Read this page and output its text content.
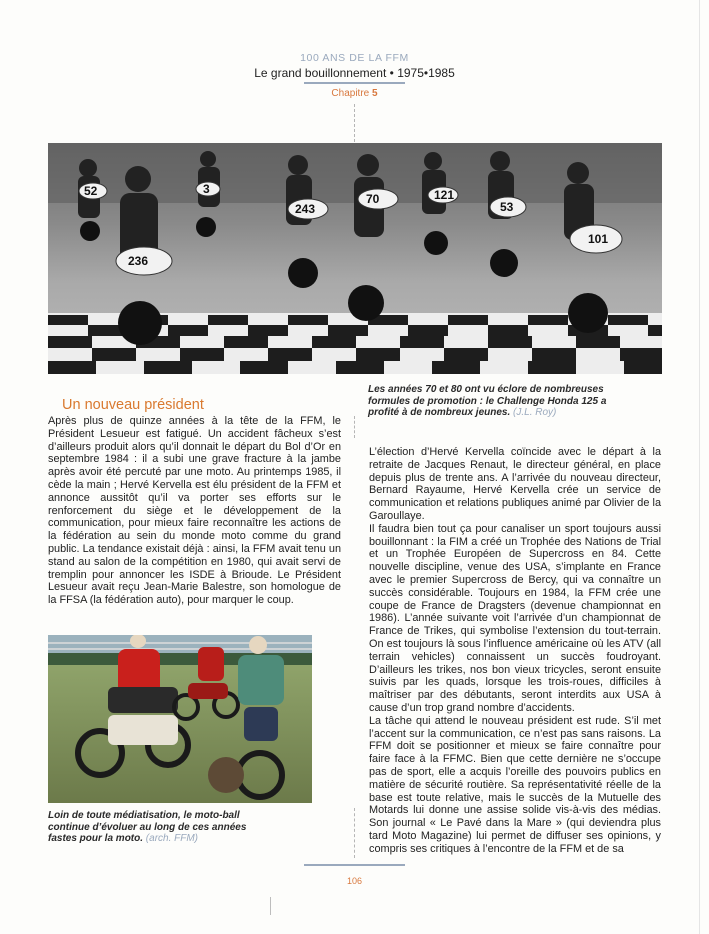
100 ANS DE LA FFM
Le grand bouillonnement • 1975•1985
Chapitre 5
236
243
70	121
53
101
52	3
Les années 70 et 80 ont vu éclore de nombreuses formules de promotion : le Challenge Honda 125 a profité à de nombreux jeunes. (J.L. Roy)
Un nouveau président

Après plus de quinze années à la tête de la FFM, le Président Lesueur est fatigué. Un accident fâcheux s’est d’ailleurs produit alors qu’il donnait le départ du Bol d’Or en septembre 1984 : il a subi une grave fracture à la jambe après avoir été percuté par une moto. Au printemps 1985, il cède la main ; Hervé Kervella est élu président de la FFM et annonce aussitôt qu’il va porter ses efforts sur le renforcement du siège et le développement de la communication, pour mieux faire reconnaître les actions de la fédération au sein du monde moto comme du grand public. La tendance existait déjà : ainsi, la FFM avait tenu un stand au salon de la compétition en 1980, qui avait servi de tremplin pour annoncer les ISDE à Brioude. Le Président Lesueur avait reçu Jean-Marie Balestre, son homologue de la FFSA (la fédération auto), pour marquer le coup.

Loin de toute médiatisation, le moto-ball continue d’évoluer au long de ces années fastes pour la moto. (arch. FFM)

L’élection d’Hervé Kervella coïncide avec le départ à la retraite de Jacques Renaut, le directeur général, en place depuis plus de trente ans. A l’arrivée du nouveau directeur, Bernard Rayaume, Hervé Kervella crée un service de communication et relations publiques animé par Olivier de la Garoullaye.

Il faudra bien tout ça pour canaliser un sport toujours aussi bouillonnant : la FIM a créé un Trophée des Nations de Trial et un Trophée Européen de Supercross en 84. Cette nouvelle discipline, venue des USA, s’implante en France avec le premier Supercross de Bercy, qui va connaître un succès considérable. Toujours en 1984, la FFM crée une coupe de France de Dragsters (devenue championnat en 1986). L’année suivante voit l’arrivée d’un championnat de France de Trikes, qui symbolise l’extension du tout-terrain. On est toujours là sous l’influence américaine où les ATV (all terrain vehicles) connaissent un succès foudroyant. D’ailleurs les trikes, nos bon vieux tricycles, seront ensuite suivis par les quads, lorsque les trois-roues, difficiles à maîtriser par des débutants, seront interdits aux USA à cause d’un trop grand nombre d’accidents.

La tâche qui attend le nouveau président est rude. S’il met l’accent sur la communication, ce n’est pas sans raisons. La FFM doit se positionner et mieux se faire connaître pour faire face à la FFMC. Bien que cette dernière ne s’occupe pas de sport, elle a acquis l’oreille des pouvoirs publics en matière de sécurité routière. Sa représentativité réelle de la base est toute relative, mais le succès de la Mutuelle des Motards lui donne une assise solide vis-à-vis des médias. Son journal « Le Pavé dans la Mare » (qui deviendra plus tard Moto Magazine) lui permet de diffuser ses opinions, y compris ses critiques à l’encontre de la FFM et de sa

106
